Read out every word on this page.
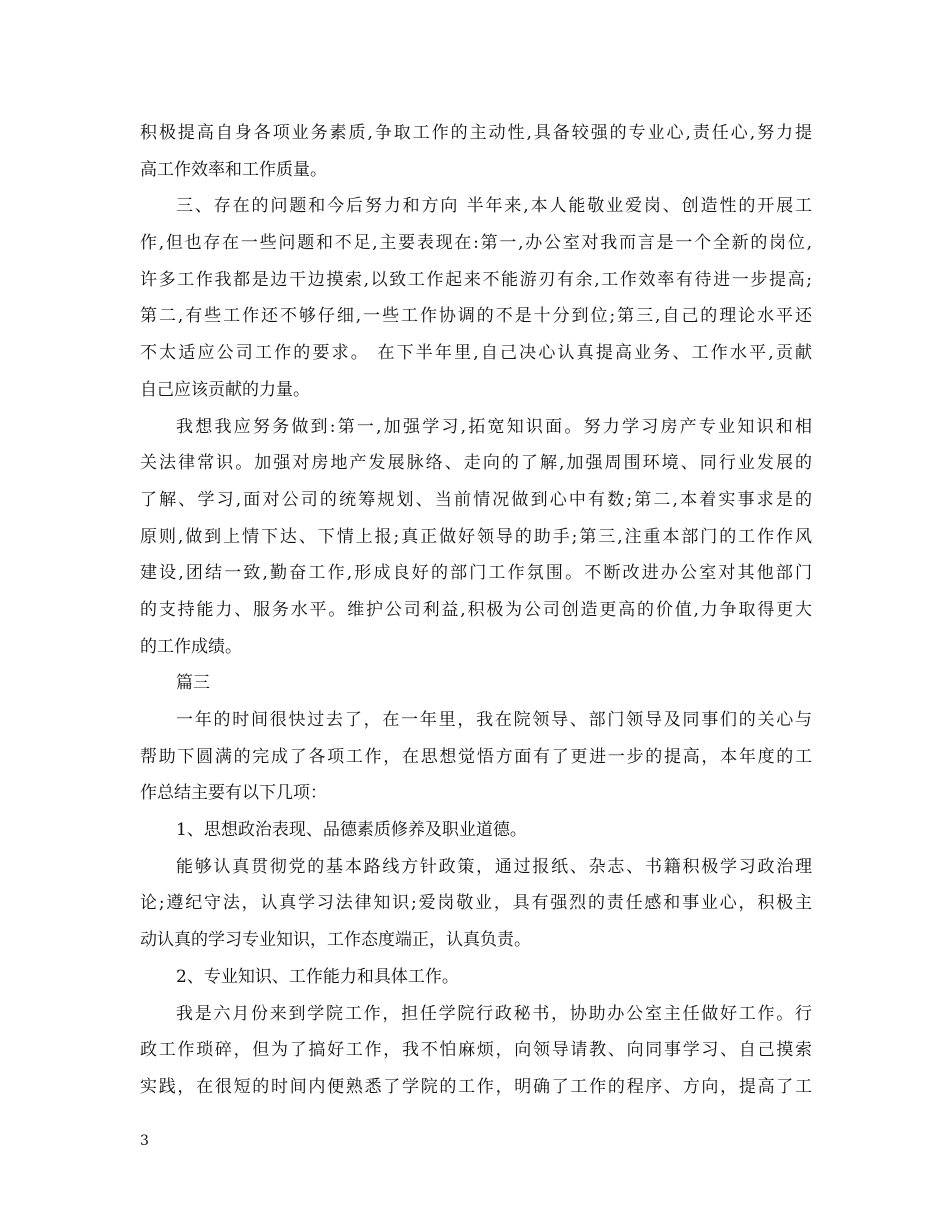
积极提高自身各项业务素质,争取工作的主动性,具备较强的专业心,责任心,努力提
高工作效率和工作质量。
三、存在的问题和今后努力和方向 半年来,本人能敬业爱岗、创造性的开展工
作,但也存在一些问题和不足,主要表现在:第一,办公室对我而言是一个全新的岗位,
许多工作我都是边干边摸索,以致工作起来不能游刃有余,工作效率有待进一步提高;
第二,有些工作还不够仔细,一些工作协调的不是十分到位;第三,自己的理论水平还
不太适应公司工作的要求。 在下半年里,自己决心认真提高业务、工作水平,贡献
自己应该贡献的力量。
我想我应努务做到:第一,加强学习,拓宽知识面。努力学习房产专业知识和相
关法律常识。加强对房地产发展脉络、走向的了解,加强周围环境、同行业发展的
了解、学习,面对公司的统筹规划、当前情况做到心中有数;第二,本着实事求是的
原则,做到上情下达、下情上报;真正做好领导的助手;第三,注重本部门的工作作风
建设,团结一致,勤奋工作,形成良好的部门工作氛围。不断改进办公室对其他部门
的支持能力、服务水平。维护公司利益,积极为公司创造更高的价值,力争取得更大
的工作成绩。
篇三
一年的时间很快过去了，在一年里，我在院领导、部门领导及同事们的关心与
帮助下圆满的完成了各项工作，在思想觉悟方面有了更进一步的提高，本年度的工
作总结主要有以下几项：
1、思想政治表现、品德素质修养及职业道德。
能够认真贯彻党的基本路线方针政策，通过报纸、杂志、书籍积极学习政治理
论;遵纪守法，认真学习法律知识;爱岗敬业，具有强烈的责任感和事业心，积极主
动认真的学习专业知识，工作态度端正，认真负责。
2、专业知识、工作能力和具体工作。
我是六月份来到学院工作，担任学院行政秘书，协助办公室主任做好工作。行
政工作琐碎，但为了搞好工作，我不怕麻烦，向领导请教、向同事学习、自己摸索
实践，在很短的时间内便熟悉了学院的工作，明确了工作的程序、方向，提高了工
3
